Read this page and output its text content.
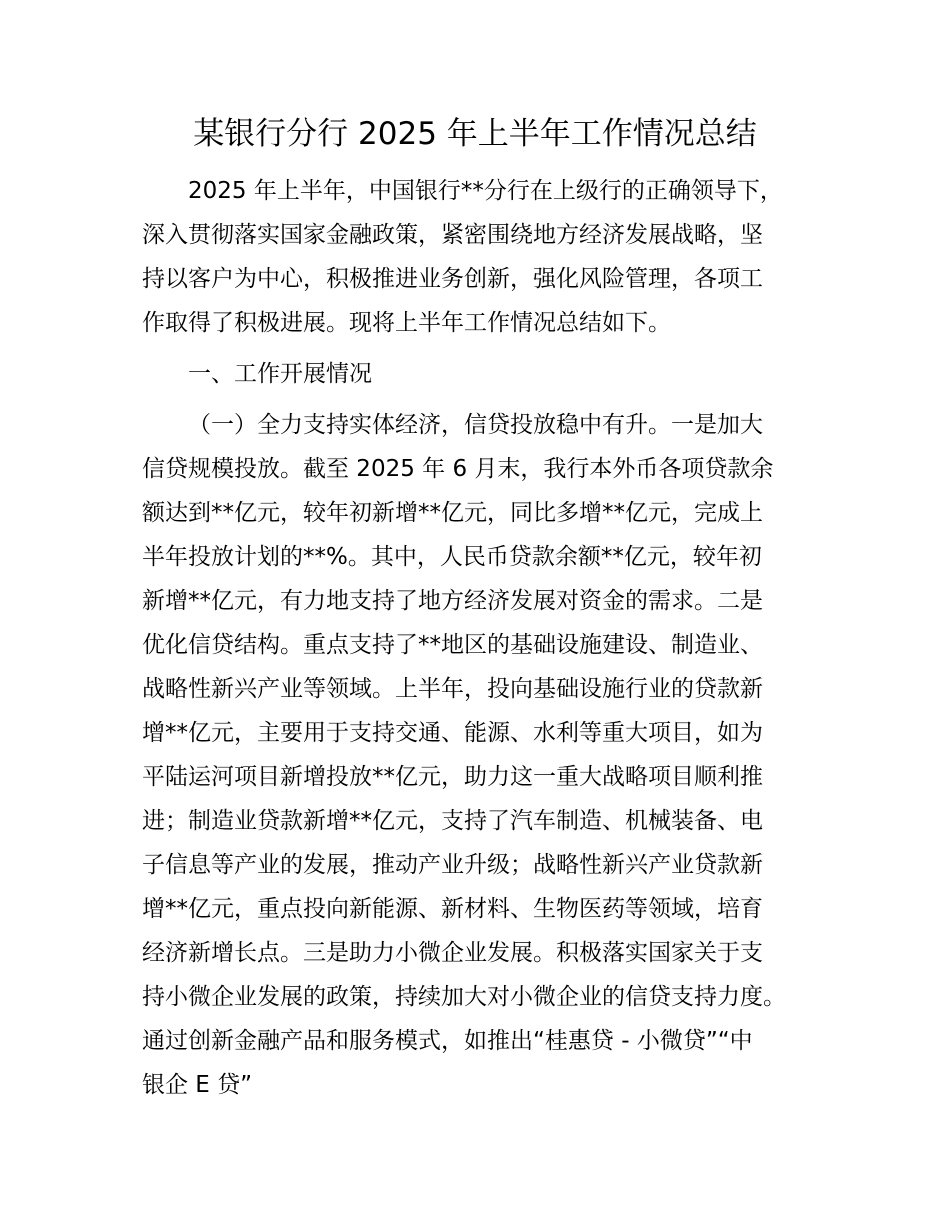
某银行分行 2025 年上半年工作情况总结
2025 年上半年，中国银行**分行在上级行的正确领导下，
深入贯彻落实国家金融政策，紧密围绕地方经济发展战略，坚
持以客户为中心，积极推进业务创新，强化风险管理，各项工
作取得了积极进展。现将上半年工作情况总结如下。
一、工作开展情况
（一）全力支持实体经济，信贷投放稳中有升。一是加大
信贷规模投放。截至 2025 年 6 月末，我行本外币各项贷款余
额达到**亿元，较年初新增**亿元，同比多增**亿元，完成上
半年投放计划的**%。其中，人民币贷款余额**亿元，较年初
新增**亿元，有力地支持了地方经济发展对资金的需求。二是
优化信贷结构。重点支持了**地区的基础设施建设、制造业、
战略性新兴产业等领域。上半年，投向基础设施行业的贷款新
增**亿元，主要用于支持交通、能源、水利等重大项目，如为
平陆运河项目新增投放**亿元，助力这一重大战略项目顺利推
进；制造业贷款新增**亿元，支持了汽车制造、机械装备、电
子信息等产业的发展，推动产业升级；战略性新兴产业贷款新
增**亿元，重点投向新能源、新材料、生物医药等领域，培育
经济新增长点。三是助力小微企业发展。积极落实国家关于支
持小微企业发展的政策，持续加大对小微企业的信贷支持力度。
通过创新金融产品和服务模式，如推出“桂惠贷 - 小微贷”“中
银企 E 贷”
